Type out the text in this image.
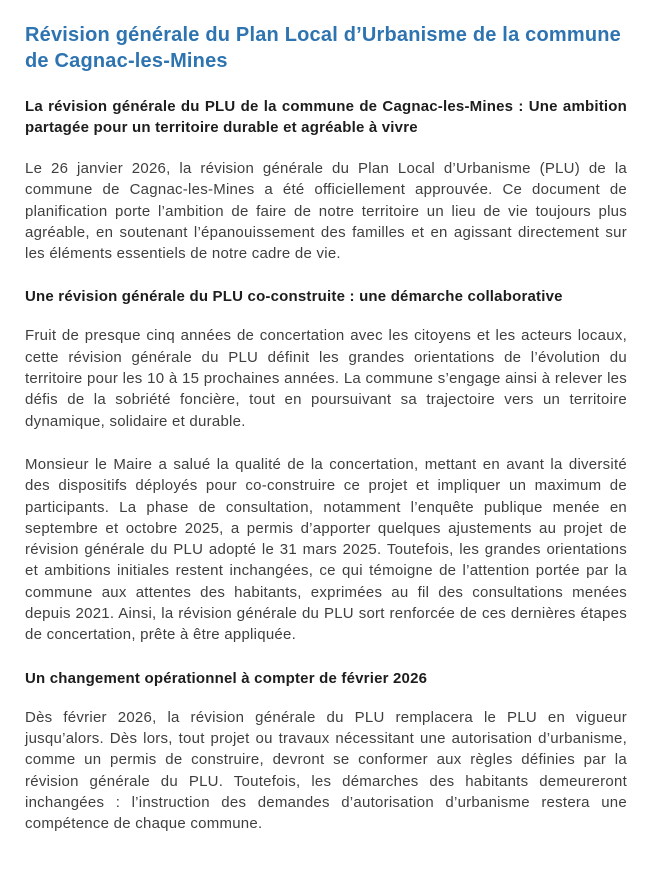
Révision générale du Plan Local d’Urbanisme de la commune de Cagnac-les-Mines
La révision générale du PLU de la commune de Cagnac-les-Mines : Une ambition partagée pour un territoire durable et agréable à vivre

Le 26 janvier 2026, la révision générale du Plan Local d’Urbanisme (PLU) de la commune de Cagnac-les-Mines a été officiellement approuvée. Ce document de planification porte l’ambition de faire de notre territoire un lieu de vie toujours plus agréable, en soutenant l’épanouissement des familles et en agissant directement sur les éléments essentiels de notre cadre de vie.

Une révision générale du PLU co-construite : une démarche collaborative

Fruit de presque cinq années de concertation avec les citoyens et les acteurs locaux, cette révision générale du PLU définit les grandes orientations de l’évolution du territoire pour les 10 à 15 prochaines années. La commune s’engage ainsi à relever les défis de la sobriété foncière, tout en poursuivant sa trajectoire vers un territoire dynamique, solidaire et durable.

Monsieur le Maire a salué la qualité de la concertation, mettant en avant la diversité des dispositifs déployés pour co-construire ce projet et impliquer un maximum de participants. La phase de consultation, notamment l’enquête publique menée en septembre et octobre 2025, a permis d’apporter quelques ajustements au projet de révision générale du PLU adopté le 31 mars 2025. Toutefois, les grandes orientations et ambitions initiales restent inchangées, ce qui témoigne de l’attention portée par la commune aux attentes des habitants, exprimées au fil des consultations menées depuis 2021. Ainsi, la révision générale du PLU sort renforcée de ces dernières étapes de concertation, prête à être appliquée.

Un changement opérationnel à compter de février 2026

Dès février 2026, la révision générale du PLU remplacera le PLU en vigueur jusqu’alors. Dès lors, tout projet ou travaux nécessitant une autorisation d’urbanisme, comme un permis de construire, devront se conformer aux règles définies par la révision générale du PLU. Toutefois, les démarches des habitants demeureront inchangées : l’instruction des demandes d’autorisation d’urbanisme restera une compétence de chaque commune.
